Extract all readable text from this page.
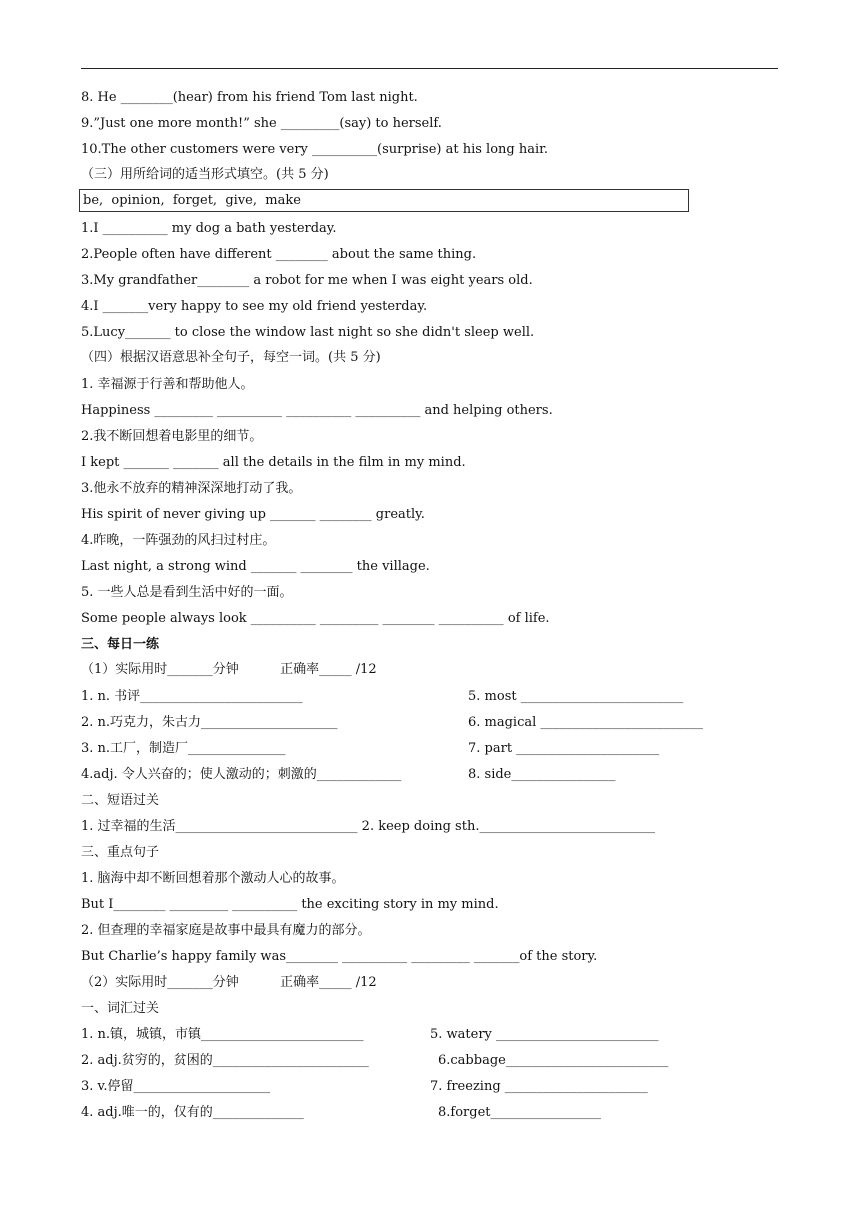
8. He ________(hear) from his friend Tom last night.
9.”Just one more month!” she _________(say) to herself.
10.The other customers were very __________(surprise) at his long hair.
（三）用所给词的适当形式填空。(共 5 分)
be,  opinion,  forget,  give,  make
1.I __________ my dog a bath yesterday.
2.People often have different ________ about the same thing.
3.My grandfather________ a robot for me when I was eight years old.
4.I _______very happy to see my old friend yesterday.
5.Lucy_______ to close the window last night so she didn't sleep well.
（四）根据汉语意思补全句子，每空一词。(共 5 分)
1. 幸福源于行善和帮助他人。
Happiness _________ __________ __________ __________ and helping others.
2.我不断回想着电影里的细节。
I kept _______ _______ all the details in the film in my mind.
3.他永不放弃的精神深深地打动了我。
His spirit of never giving up _______ ________ greatly.
4.昨晚，一阵强劲的风扫过村庄。
Last night, a strong wind _______ ________ the village.
5. 一些人总是看到生活中好的一面。
Some people always look __________ _________ ________ __________ of life.
三、每日一练
（1）实际用时_______分钟          正确率_____ /12
1. n. 书评_________________________	5. most _________________________
2. n.巧克力，朱古力_____________________	6. magical _________________________
3. n.工厂，制造厂_______________	7. part ______________________
4.adj. 令人兴奋的；使人激动的；刺激的_____________	8. side________________
二、短语过关
1. 过幸福的生活____________________________ 2. keep doing sth.___________________________
三、重点句子
1. 脑海中却不断回想着那个激动人心的故事。
But I________ _________ __________ the exciting story in my mind.
2. 但查理的幸福家庭是故事中最具有魔力的部分。
But Charlie’s happy family was________ __________ _________ _______of the story.
（2）实际用时_______分钟          正确率_____ /12
一、词汇过关
1. n.镇，城镇，市镇_________________________	5. watery _________________________
2. adj.贫穷的，贫困的________________________	6.cabbage_________________________
3. v.停留_____________________	7. freezing ______________________
4. adj.唯一的，仅有的______________	8.forget_________________
